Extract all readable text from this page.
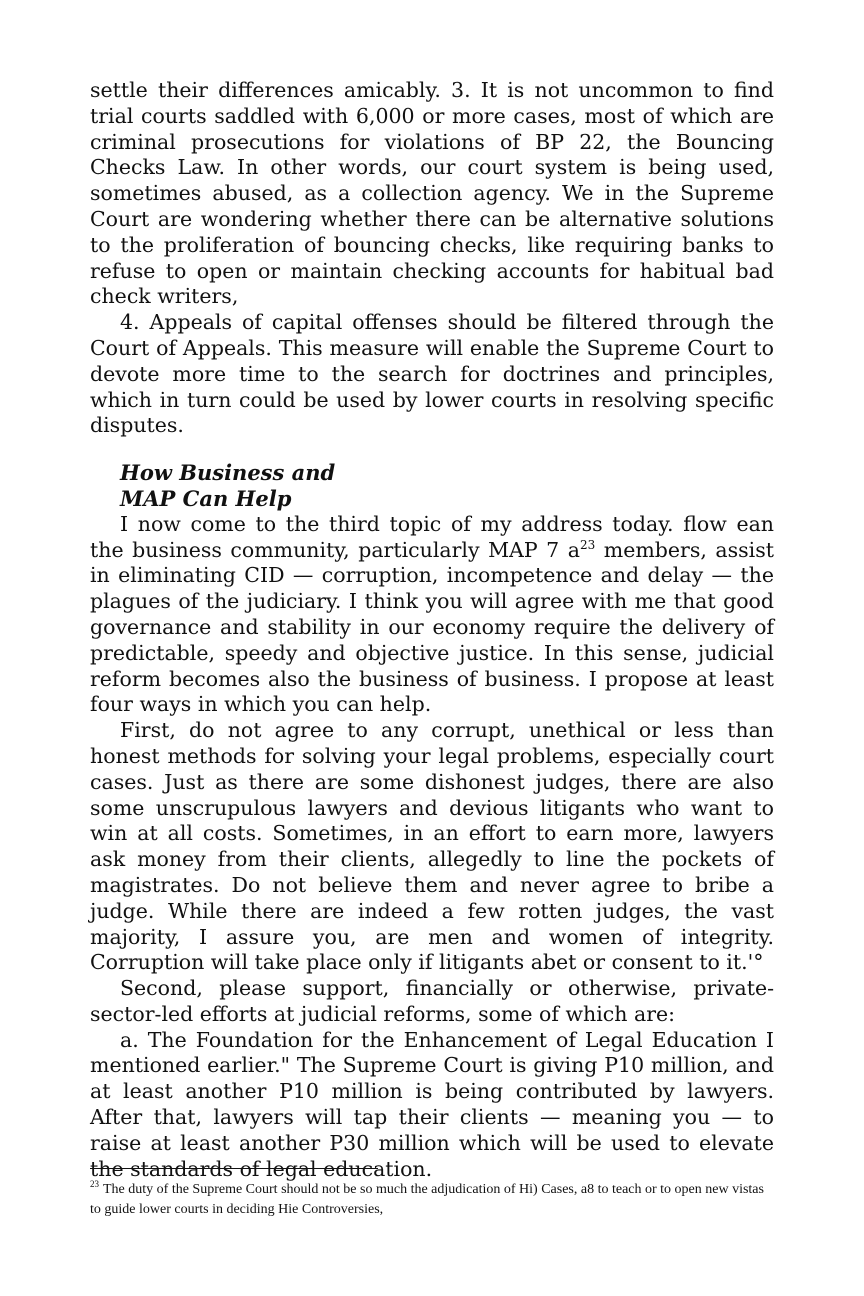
settle their differences amicably. 3. It is not uncommon to find trial courts saddled with 6,000 or more cases, most of which are criminal prosecutions for violations of BP 22, the Bouncing Checks Law. In other words, our court system is being used, sometimes abused, as a collection agency. We in the Supreme Court are wondering whether there can be alternative solutions to the proliferation of bouncing checks, like requiring banks to refuse to open or maintain checking accounts for habitual bad check writers,

4. Appeals of capital offenses should be filtered through the Court of Appeals. This measure will enable the Supreme Court to devote more time to the search for doctrines and principles, which in turn could be used by lower courts in resolving specific disputes.

How Business and
MAP Can Help

I now come to the third topic of my address today. flow ean the business community, particularly MAP 7 $a^{23}$ members, assist in eliminating CID — corruption, incompetence and delay — the plagues of the judiciary. I think you will agree with me that good governance and stability in our economy require the delivery of predictable, speedy and objective justice. In this sense, judicial reform becomes also the business of business. I propose at least four ways in which you can help.

First, do not agree to any corrupt, unethical or less than honest methods for solving your legal problems, especially court cases. Just as there are some dishonest judges, there are also some unscrupulous lawyers and devious litigants who want to win at all costs. Sometimes, in an effort to earn more, lawyers ask money from their clients, allegedly to line the pockets of magistrates. Do not believe them and never agree to bribe a judge. While there are indeed a few rotten judges, the vast majority, I assure you, are men and women of integrity. Corruption will take place only if litigants abet or consent to it.'°

Second, please support, financially or otherwise, private-sector-led efforts at judicial reforms, some of which are:

a. The Foundation for the Enhancement of Legal Education I mentioned earlier." The Supreme Court is giving P10 million, and at least another P10 million is being contributed by lawyers. After that, lawyers will tap their clients — meaning you — to raise at least another P30 million which will be used to elevate the standards of legal education.

$^{23}$ The duty of the Supreme Court should not be so much the adjudication of Hi) Cases, a8 to teach or to open new vistas to guide lower courts in deciding Hie Controversies,
